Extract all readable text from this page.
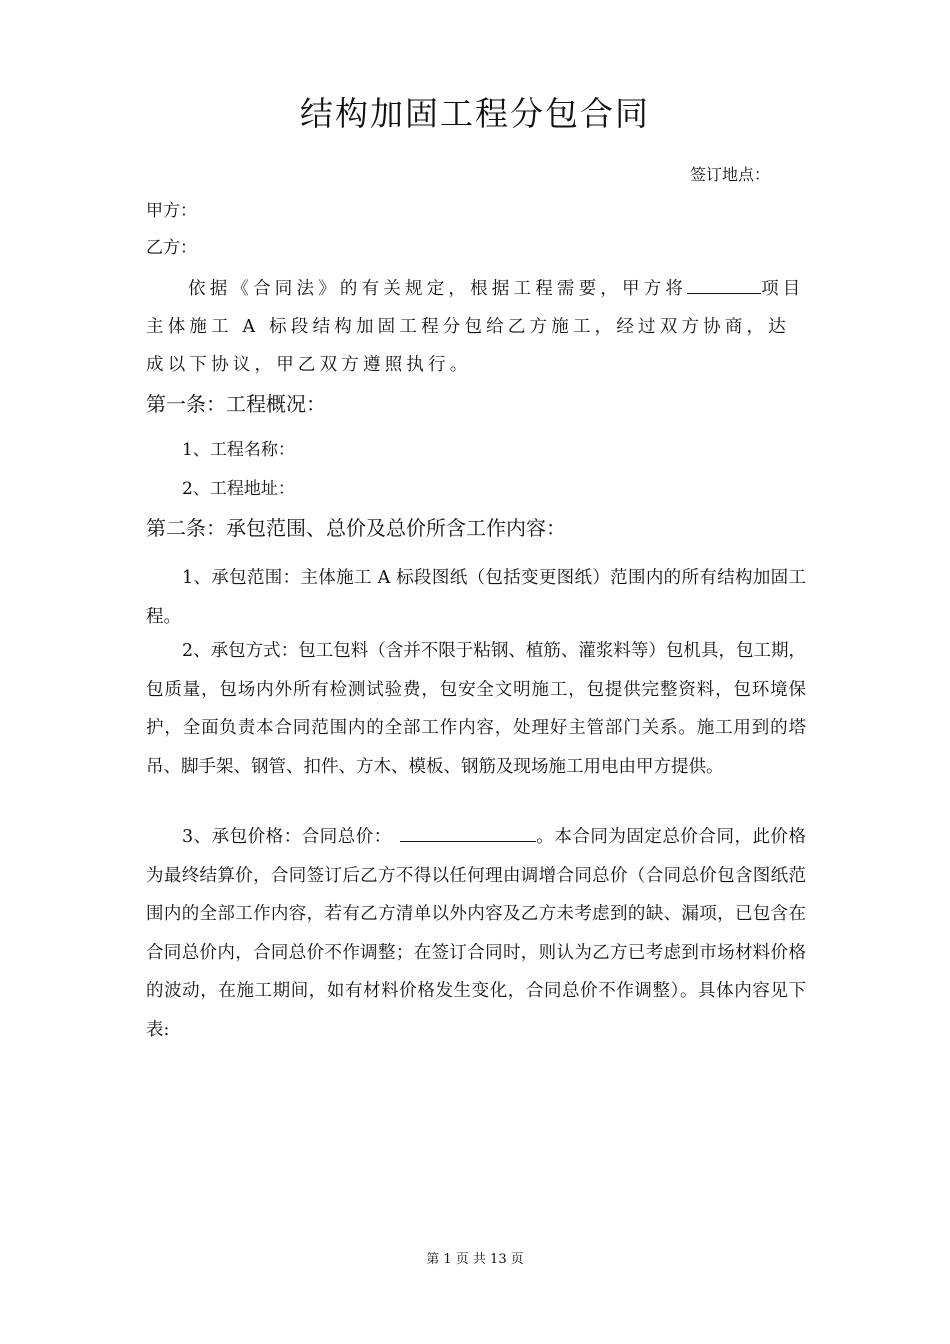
结构加固工程分包合同
签订地点：
甲方：
乙方：

依据《合同法》的有关规定，根据工程需要，甲方将	项目主体施工 A 标段结构加固工程分包给乙方施工，经过双方协商，达成以下协议，甲乙双方遵照执行。

第一条：工程概况：
1、工程名称：
2、工程地址：
第二条：承包范围、总价及总价所含工作内容：

1、承包范围：主体施工 A 标段图纸（包括变更图纸）范围内的所有结构加固工程。

2、承包方式：包工包料（含并不限于粘钢、植筋、灌浆料等）包机具，包工期，包质量，包场内外所有检测试验费，包安全文明施工，包提供完整资料，包环境保护，全面负责本合同范围内的全部工作内容，处理好主管部门关系。施工用到的塔吊、脚手架、钢管、扣件、方木、模板、钢筋及现场施工用电由甲方提供。

3、承包价格：合同总价：	。本合同为固定总价合同，此价格为最终结算价，合同签订后乙方不得以任何理由调增合同总价（合同总价包含图纸范围内的全部工作内容，若有乙方清单以外内容及乙方未考虑到的缺、漏项，已包含在合同总价内，合同总价不作调整；在签订合同时，则认为乙方已考虑到市场材料价格的波动，在施工期间，如有材料价格发生变化，合同总价不作调整）。具体内容见下表:

第 1 页 共 13 页
